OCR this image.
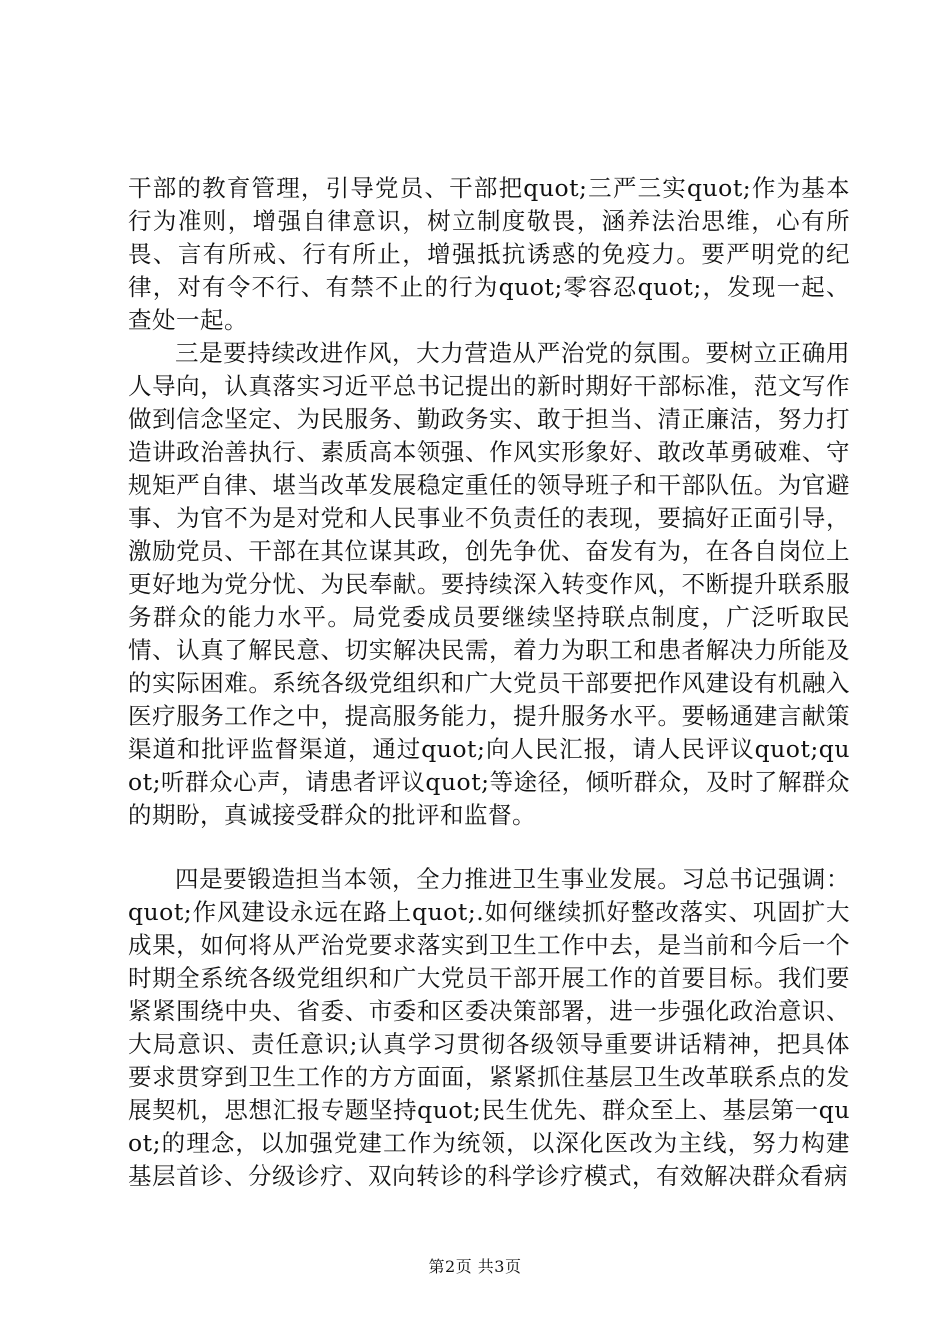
干部的教育管理，引导党员、干部把quot;三严三实quot;作为基本行为准则，增强自律意识，树立制度敬畏，涵养法治思维，心有所畏、言有所戒、行有所止，增强抵抗诱惑的免疫力。要严明党的纪律，对有令不行、有禁不止的行为quot;零容忍quot;，发现一起、查处一起。

三是要持续改进作风，大力营造从严治党的氛围。要树立正确用人导向，认真落实习近平总书记提出的新时期好干部标准，范文写作做到信念坚定、为民服务、勤政务实、敢于担当、清正廉洁，努力打造讲政治善执行、素质高本领强、作风实形象好、敢改革勇破难、守规矩严自律、堪当改革发展稳定重任的领导班子和干部队伍。为官避事、为官不为是对党和人民事业不负责任的表现，要搞好正面引导，激励党员、干部在其位谋其政，创先争优、奋发有为，在各自岗位上更好地为党分忧、为民奉献。要持续深入转变作风，不断提升联系服务群众的能力水平。局党委成员要继续坚持联点制度，广泛听取民情、认真了解民意、切实解决民需，着力为职工和患者解决力所能及的实际困难。系统各级党组织和广大党员干部要把作风建设有机融入医疗服务工作之中，提高服务能力，提升服务水平。要畅通建言献策渠道和批评监督渠道，通过quot;向人民汇报，请人民评议quot;quot;听群众心声，请患者评议quot;等途径，倾听群众，及时了解群众的期盼，真诚接受群众的批评和监督。

四是要锻造担当本领，全力推进卫生事业发展。习总书记强调：quot;作风建设永远在路上quot;.如何继续抓好整改落实、巩固扩大成果，如何将从严治党要求落实到卫生工作中去，是当前和今后一个时期全系统各级党组织和广大党员干部开展工作的首要目标。我们要紧紧围绕中央、省委、市委和区委决策部署，进一步强化政治意识、大局意识、责任意识;认真学习贯彻各级领导重要讲话精神，把具体要求贯穿到卫生工作的方方面面，紧紧抓住基层卫生改革联系点的发展契机，思想汇报专题坚持quot;民生优先、群众至上、基层第一quot;的理念，以加强党建工作为统领，以深化医改为主线，努力构建基层首诊、分级诊疗、双向转诊的科学诊疗模式，有效解决群众看病

第2页 共3页
